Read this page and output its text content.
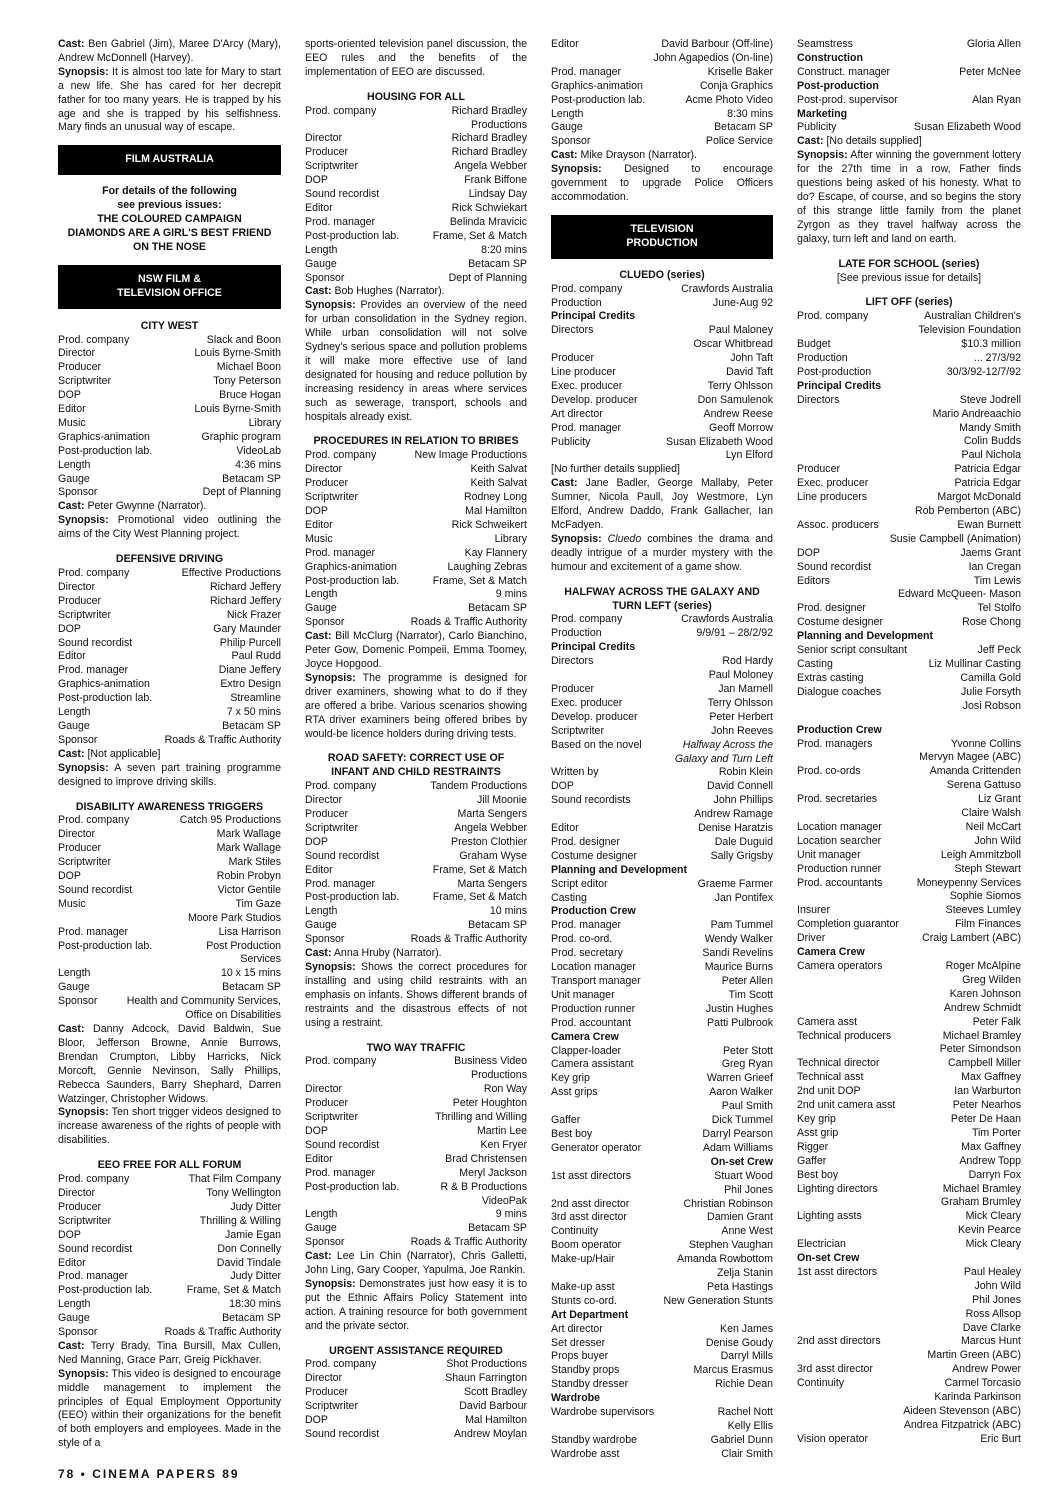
Cast: Ben Gabriel (Jim), Maree D'Arcy (Mary), Andrew McDonnell (Harvey).
Synopsis: It is almost too late for Mary to start a new life. She has cared for her decrepit father for too many years. He is trapped by his age and she is trapped by his selfishness. Mary finds an unusual way of escape.
FILM AUSTRALIA
For details of the following
see previous issues:
THE COLOURED CAMPAIGN
DIAMONDS ARE A GIRL'S BEST FRIEND
ON THE NOSE
NSW FILM &
TELEVISION OFFICE
CITY WEST
Prod. company	Slack and Boon
Director	Louis Byrne-Smith
Producer	Michael Boon
Scriptwriter	Tony Peterson
DOP	Bruce Hogan
Editor	Louis Byrne-Smith
Music	Library
Graphics-animation	Graphic program
Post-production lab.	VideoLab
Length	4:36 mins
Gauge	Betacam SP
Sponsor	Dept of Planning
Cast: Peter Gwynne (Narrator).
Synopsis: Promotional video outlining the aims of the City West Planning project.
DEFENSIVE DRIVING
Prod. company	Effective Productions
Director	Richard Jeffery
Producer	Richard Jeffery
Scriptwriter	Nick Frazer
DOP	Gary Maunder
Sound recordist	Philip Purcell
Editor	Paul Rudd
Prod. manager	Diane Jeffery
Graphics-animation	Extro Design
Post-production lab.	Streamline
Length	7 x 50 mins
Gauge	Betacam SP
Sponsor	Roads & Traffic Authority
Cast: [Not applicable]
Synopsis: A seven part training programme designed to improve driving skills.
DISABILITY AWARENESS TRIGGERS
Prod. company	Catch 95 Productions
Director	Mark Wallage
Producer	Mark Wallage
Scriptwriter	Mark Stiles
DOP	Robin Probyn
Sound recordist	Victor Gentile
Music	Tim Gaze
Moore Park Studios
Prod. manager	Lisa Harrison
Post-production lab.	Post Production
Services
Length	10 x 15 mins
Gauge	Betacam SP
Sponsor	Health and Community Services,
Office on Disabilities
Cast: Danny Adcock, David Baldwin, Sue Bloor, Jefferson Browne, Annie Burrows, Brendan Crumpton, Libby Harricks, Nick Morcoft, Gennie Nevinson, Sally Phillips, Rebecca Saunders, Barry Shephard, Darren Watzinger, Christopher Widows.
Synopsis: Ten short trigger videos designed to increase awareness of the rights of people with disabilities.
EEO FREE FOR ALL FORUM
Prod. company	That Film Company
Director	Tony Wellington
Producer	Judy Ditter
Scriptwriter	Thrilling & Willing
DOP	Jamie Egan
Sound recordist	Don Connelly
Editor	David Tindale
Prod. manager	Judy Ditter
Post-production lab.	Frame, Set & Match
Length	18:30 mins
Gauge	Betacam SP
Sponsor	Roads & Traffic Authority
Cast: Terry Brady, Tina Bursill, Max Cullen, Ned Manning, Grace Parr, Greig Pickhaver.
Synopsis: This video is designed to encourage middle management to implement the principles of Equal Employment Opportunity (EEO) within their organizations for the benefit of both employers and employees. Made in the style of a
sports-oriented television panel discussion, the EEO rules and the benefits of the implementation of EEO are discussed.
HOUSING FOR ALL
Prod. company	Richard Bradley
Productions
Director	Richard Bradley
Producer	Richard Bradley
Scriptwriter	Angela Webber
DOP	Frank Biffone
Sound recordist	Lindsay Day
Editor	Rick Schwiekart
Prod. manager	Belinda Mravicic
Post-production lab.	Frame, Set & Match
Length	8:20 mins
Gauge	Betacam SP
Sponsor	Dept of Planning
Cast: Bob Hughes (Narrator).
Synopsis: Provides an overview of the need for urban consolidation in the Sydney region. While urban consolidation will not solve Sydney's serious space and pollution problems it will make more effective use of land designated for housing and reduce pollution by increasing residency in areas where services such as sewerage, transport, schools and hospitals already exist.
PROCEDURES IN RELATION TO BRIBES
Prod. company	New Image Productions
Director	Keith Salvat
Producer	Keith Salvat
Scriptwriter	Rodney Long
DOP	Mal Hamilton
Editor	Rick Schweikert
Music	Library
Prod. manager	Kay Flannery
Graphics-animation	Laughing Zebras
Post-production lab.	Frame, Set & Match
Length	9 mins
Gauge	Betacam SP
Sponsor	Roads & Traffic Authority
Cast: Bill McClurg (Narrator), Carlo Bianchino, Peter Gow, Domenic Pompeii, Emma Toomey, Joyce Hopgood.
Synopsis: The programme is designed for driver examiners, showing what to do if they are offered a bribe. Various scenarios showing RTA driver examiners being offered bribes by would-be licence holders during driving tests.
ROAD SAFETY: CORRECT USE OF
INFANT AND CHILD RESTRAINTS
Prod. company	Tandem Productions
Director	Jill Moonie
Producer	Marta Sengers
Scriptwriter	Angela Webber
DOP	Preston Clothier
Sound recordist	Graham Wyse
Editor	Frame, Set & Match
Prod. manager	Marta Sengers
Post-production lab.	Frame, Set & Match
Length	10 mins
Gauge	Betacam SP
Sponsor	Roads & Traffic Authority
Cast: Anna Hruby (Narrator).
Synopsis: Shows the correct procedures for installing and using child restraints with an emphasis on infants. Shows different brands of restraints and the disastrous effects of not using a restraint.
TWO WAY TRAFFIC
Prod. company	Business Video
Productions
Director	Ron Way
Producer	Peter Houghton
Scriptwriter	Thrilling and Willing
DOP	Martin Lee
Sound recordist	Ken Fryer
Editor	Brad Christensen
Prod. manager	Meryl Jackson
Post-production lab.	R & B Productions
VideoPak
Length	9 mins
Gauge	Betacam SP
Sponsor	Roads & Traffic Authority
Cast: Lee Lin Chin (Narrator), Chris Galletti, John Ling, Gary Cooper, Yapulma, Joe Rankin.
Synopsis: Demonstrates just how easy it is to put the Ethnic Affairs Policy Statement into action. A training resource for both government and the private sector.
URGENT ASSISTANCE REQUIRED
Prod. company	Shot Productions
Director	Shaun Farrington
Producer	Scott Bradley
Scriptwriter	David Barbour
DOP	Mal Hamilton
Sound recordist	Andrew Moylan
Editor	David Barbour (Off-line)
John Agapedios (On-line)
Prod. manager	Kriselle Baker
Graphics-animation	Conja Graphics
Post-production lab.	Acme Photo Video
Length	8:30 mins
Gauge	Betacam SP
Sponsor	Police Service
Cast: Mike Drayson (Narrator).
Synopsis: Designed to encourage government to upgrade Police Officers accommodation.
TELEVISION
PRODUCTION
CLUEDO (series)
Prod. company	Crawfords Australia
Production	June-Aug 92
Principal Credits
Directors	Paul Maloney
Oscar Whitbread
Producer	John Taft
Line producer	David Taft
Exec. producer	Terry Ohlsson
Develop. producer	Don Samulenok
Art director	Andrew Reese
Prod. manager	Geoff Morrow
Publicity	Susan Elizabeth Wood
Lyn Elford
[No further details supplied]
Cast: Jane Badler, George Mallaby, Peter Sumner, Nicola Paull, Joy Westmore, Lyn Elford, Andrew Daddo, Frank Gallacher, Ian McFadyen.
Synopsis: Cluedo combines the drama and deadly intrigue of a murder mystery with the humour and excitement of a game show.
HALFWAY ACROSS THE GALAXY AND
TURN LEFT (series)
Prod. company	Crawfords Australia
Production	9/9/91 – 28/2/92
Principal Credits
Directors	Rod Hardy
Paul Moloney
Producer	Jan Marnell
Exec. producer	Terry Ohlsson
Develop. producer	Peter Herbert
Scriptwriter	John Reeves
Based on the novel	Halfway Across the
Galaxy and Turn Left
Written by	Robin Klein
DOP	David Connell
Sound recordists	John Phillips
Andrew Ramage
Editor	Denise Haratzis
Prod. designer	Dale Duguid
Costume designer	Sally Grigsby
Planning and Development
Script editor	Graeme Farmer
Casting	Jan Pontifex
Production Crew
Prod. manager	Pam Tummel
Prod. co-ord.	Wendy Walker
Prod. secretary	Sandi Revelins
Location manager	Maurice Burns
Transport manager	Peter Allen
Unit manager	Tim Scott
Production runner	Justin Hughes
Prod. accountant	Patti Pulbrook
Camera Crew
Clapper-loader	Peter Stott
Camera assistant	Greg Ryan
Key grip	Warren Grieef
Asst grips	Aaron Walker
Paul Smith
Gaffer	Dick Tummel
Best boy	Darryl Pearson
Generator operator	Adam Williams
On-set Crew
1st asst directors	Stuart Wood
Phil Jones
2nd asst director	Christian Robinson
3rd asst director	Damien Grant
Continuity	Anne West
Boom operator	Stephen Vaughan
Make-up/Hair	Amanda Rowbottom
Zelja Stanin
Make-up asst	Peta Hastings
Stunts co-ord.	New Generation Stunts
Art Department
Art director	Ken James
Set dresser	Denise Goudy
Props buyer	Darryl Mills
Standby props	Marcus Erasmus
Standby dresser	Richie Dean
Wardrobe
Wardrobe supervisors	Rachel Nott
Kelly Ellis
Standby wardrobe	Gabriel Dunn
Wardrobe asst	Clair Smith
Seamstress	Gloria Allen
Construction
Construct. manager	Peter McNee
Post-production
Post-prod. supervisor	Alan Ryan
Marketing
Publicity	Susan Elizabeth Wood
Cast: [No details supplied]
Synopsis: After winning the government lottery for the 27th time in a row, Father finds questions being asked of his honesty. What to do? Escape, of course, and so begins the story of this strange little family from the planet Zyrgon as they travel halfway across the galaxy, turn left and land on earth.
LATE FOR SCHOOL (series)
[See previous issue for details]
LIFT OFF (series)
Prod. company	Australian Children's
Television Foundation
Budget	$10.3 million
Production	... 27/3/92
Post-production	30/3/92-12/7/92
Principal Credits
Directors	Steve Jodrell
Mario Andreaachio
Mandy Smith
Colin Budds
Paul Nichola
Producer	Patricia Edgar
Exec. producer	Patricia Edgar
Line producers	Margot McDonald
Rob Pemberton (ABC)
Assoc. producers	Ewan Burnett
Susie Campbell (Animation)
DOP	Jaems Grant
Sound recordist	Ian Cregan
Editors	Tim Lewis
Edward McQueen- Mason
Prod. designer	Tel Stolfo
Costume designer	Rose Chong
Planning and Development
Senior script consultant	Jeff Peck
Casting	Liz Mullinar Casting
Extras casting	Camilla Gold
Dialogue coaches	Julie Forsyth
Josi Robson
Production Crew
Prod. managers	Yvonne Collins
Mervyn Magee (ABC)
Prod. co-ords	Amanda Crittenden
Serena Gattuso
Prod. secretaries	Liz Grant
Claire Walsh
Location manager	Neil McCart
Location searcher	John Wild
Unit manager	Leigh Ammitzboll
Production runner	Steph Stewart
Prod. accountants	Moneypenny Services
Sophie Siomos
Insurer	Steeves Lumley
Completion guarantor	Film Finances
Driver	Craig Lambert (ABC)
Camera Crew
Camera operators	Roger McAlpine
Greg Wilden
Karen Johnson
Andrew Schmidt
Camera asst	Peter Falk
Technical producers	Michael Bramley
Peter Simondson
Technical director	Campbell Miller
Technical asst	Max Gaffney
2nd unit DOP	Ian Warburton
2nd unit camera asst	Peter Nearhos
Key grip	Peter De Haan
Asst grip	Tim Porter
Rigger	Max Gaffney
Gaffer	Andrew Topp
Best boy	Darryn Fox
Lighting directors	Michael Bramley
Graham Brumley
Lighting assts	Mick Cleary
Kevin Pearce
Electrician	Mick Cleary
On-set Crew
1st asst directors	Paul Healey
John Wild
Phil Jones
Ross Allsop
Dave Clarke
2nd asst directors	Marcus Hunt
Martin Green (ABC)
3rd asst director	Andrew Power
Continuity	Carmel Torcasio
Karinda Parkinson
Aideen Stevenson (ABC)
Andrea Fitzpatrick (ABC)
Vision operator	Eric Burt
78 • CINEMA PAPERS 89
